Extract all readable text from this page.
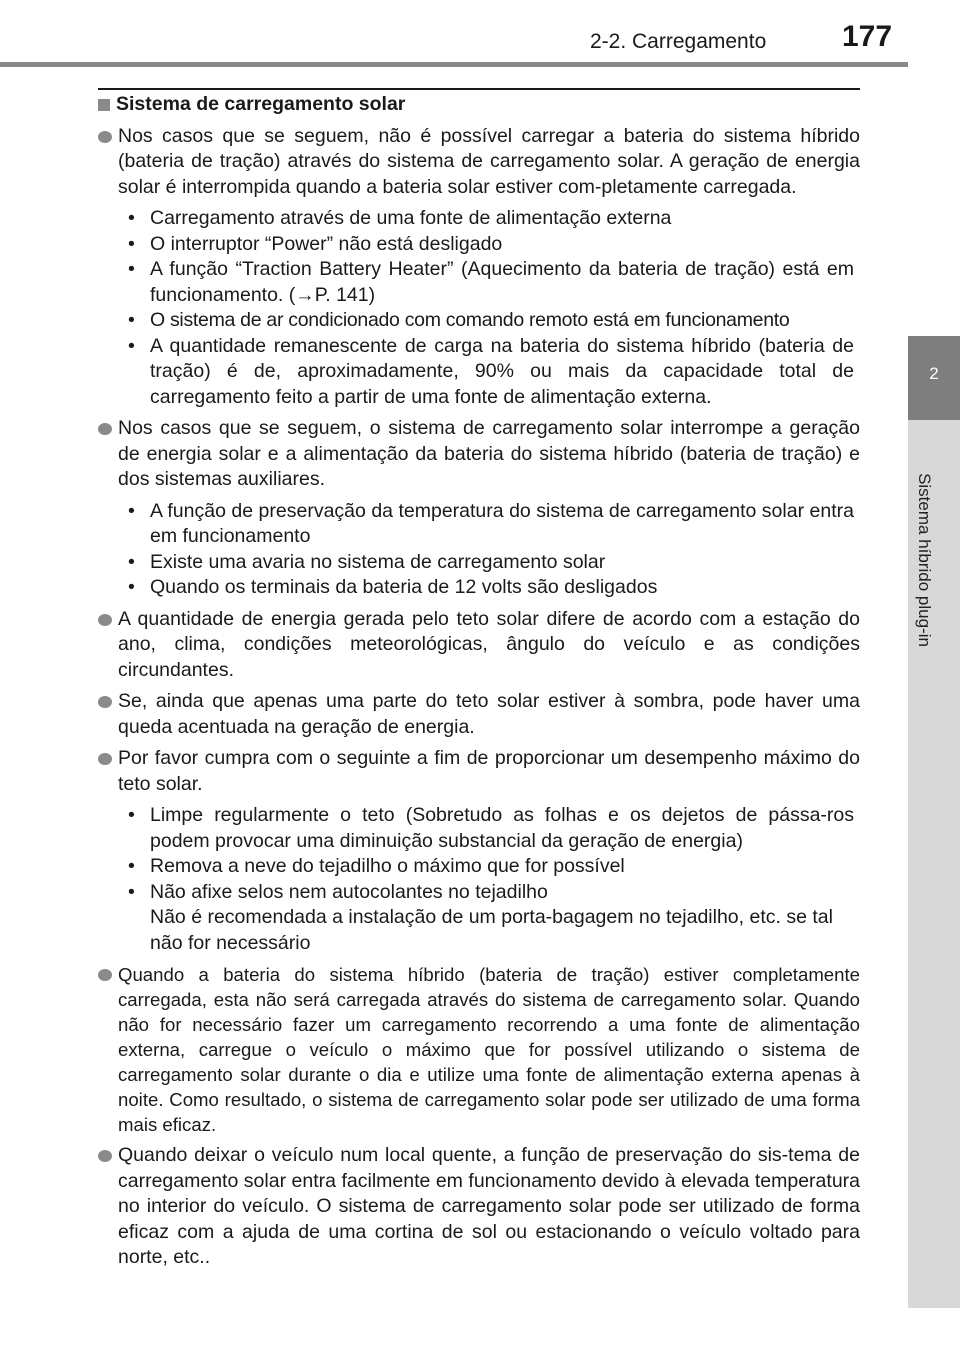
2-2. Carregamento	177
2
Sistema híbrido plug-in
Sistema de carregamento solar
Nos casos que se seguem, não é possível carregar a bateria do sistema híbrido (bateria de tração) através do sistema de carregamento solar. A geração de energia solar é interrompida quando a bateria solar estiver com-pletamente carregada.
• Carregamento através de uma fonte de alimentação externa
• O interruptor “Power” não está desligado
• A função “Traction Battery Heater” (Aquecimento da bateria de tração) está em funcionamento. (→P. 141)
• O sistema de ar condicionado com comando remoto está em funcionamento
• A quantidade remanescente de carga na bateria do sistema híbrido (bateria de tração) é de, aproximadamente, 90% ou mais da capacidade total de carregamento feito a partir de uma fonte de alimentação externa.
Nos casos que se seguem, o sistema de carregamento solar interrompe a geração de energia solar e a alimentação da bateria do sistema híbrido (bateria de tração) e dos sistemas auxiliares.
• A função de preservação da temperatura do sistema de carregamento solar entra em funcionamento
• Existe uma avaria no sistema de carregamento solar
• Quando os terminais da bateria de 12 volts são desligados
A quantidade de energia gerada pelo teto solar difere de acordo com a estação do ano, clima, condições meteorológicas, ângulo do veículo e as condições circundantes.
Se, ainda que apenas uma parte do teto solar estiver à sombra, pode haver uma queda acentuada na geração de energia.
Por favor cumpra com o seguinte a fim de proporcionar um desempenho máximo do teto solar.
• Limpe regularmente o teto (Sobretudo as folhas e os dejetos de pássa-ros podem provocar uma diminuição substancial da geração de energia)
• Remova a neve do tejadilho o máximo que for possível
• Não afixe selos nem autocolantes no tejadilho
Não é recomendada a instalação de um porta-bagagem no tejadilho, etc. se tal não for necessário
Quando a bateria do sistema híbrido (bateria de tração) estiver completamente carregada, esta não será carregada através do sistema de carregamento solar. Quando não for necessário fazer um carregamento recorrendo a uma fonte de alimentação externa, carregue o veículo o máximo que for possível utilizando o sistema de carregamento solar durante o dia e utilize uma fonte de alimentação externa apenas à noite. Como resultado, o sistema de carregamento solar pode ser utilizado de uma forma mais eficaz.
Quando deixar o veículo num local quente, a função de preservação do sis-tema de carregamento solar entra facilmente em funcionamento devido à elevada temperatura no interior do veículo. O sistema de carregamento solar pode ser utilizado de forma eficaz com a ajuda de uma cortina de sol ou estacionando o veículo voltado para norte, etc..
